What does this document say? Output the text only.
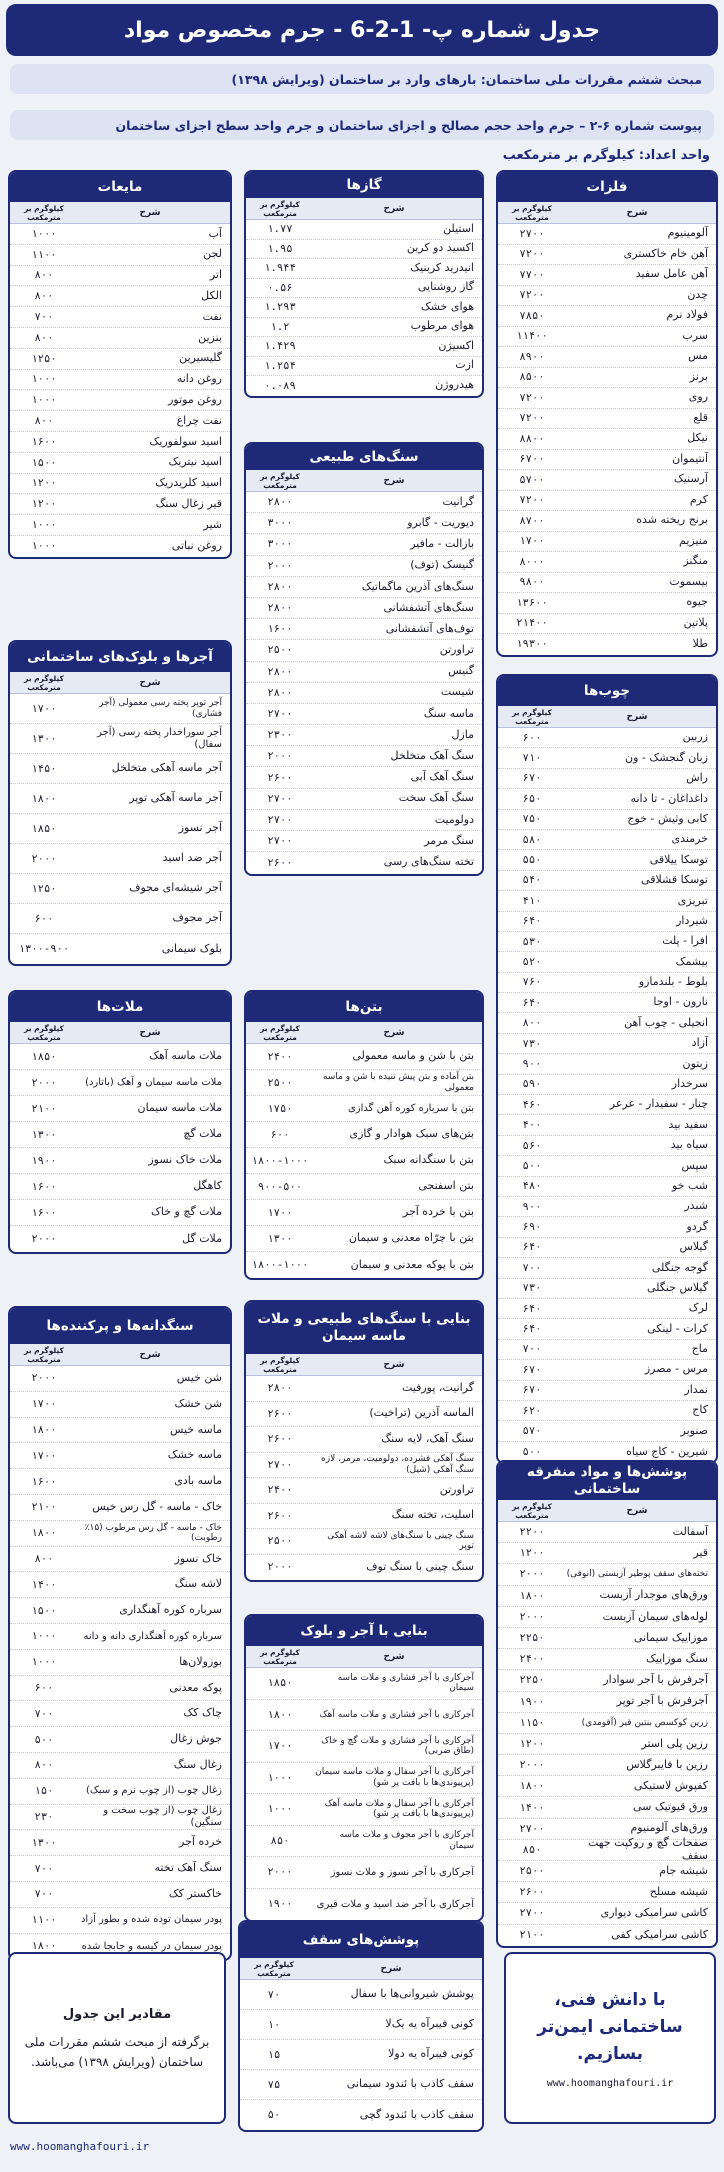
جدول شماره پ- 1-2-6 - جرم مخصوص مواد
مبحث ششم مقررات ملی ساختمان: بارهای وارد بر ساختمان (ویرایش ۱۳۹۸)
پیوست شماره ۶-۲ – جرم واحد حجم مصالح و اجزای ساختمان و جرم واحد سطح اجزای ساختمان
واحد اعداد: کیلوگرم بر مترمکعب
فلزات
شرح
کیلوگرم بر مترمکعب
آلومینیوم
۲۷۰۰
آهن خام خاکستری
۷۲۰۰
آهن عامل سفید
۷۷۰۰
چدن
۷۲۰۰
فولاد نرم
۷۸۵۰
سرب
۱۱۴۰۰
مس
۸۹۰۰
برنز
۸۵۰۰
روی
۷۲۰۰
قلع
۷۲۰۰
نیکل
۸۸۰۰
آنتیموان
۶۷۰۰
آرسنیک
۵۷۰۰
کرم
۷۲۰۰
برنج ریخته شده
۸۷۰۰
منیزیم
۱۷۰۰
منگنز
۸۰۰۰
بیسموت
۹۸۰۰
جیوه
۱۳۶۰۰
پلاتین
۲۱۴۰۰
طلا
۱۹۳۰۰
چوب‌ها
شرح
کیلوگرم بر مترمکعب
زربین
۶۰۰
زبان گنجشک - ون
۷۱۰
راش
۶۷۰
داغداغان - تا دانه
۶۵۰
کابی وثیش - خوج
۷۵۰
خرمندی
۵۸۰
توسکا ییلاقی
۵۵۰
توسکا قشلاقی
۵۴۰
تبریزی
۴۱۰
شیردار
۶۴۰
افرا - پلت
۵۳۰
بیشمک
۵۲۰
بلوط - بلندمازو
۷۶۰
نارون - اوجا
۶۴۰
انجیلی - چوب آهن
۸۰۰
آزاد
۷۳۰
زبتون
۹۰۰
سرخدار
۵۹۰
چنار - سفیدار - عرعر
۴۶۰
سفید بید
۴۰۰
سیاه بید
۵۶۰
سپس
۵۰۰
شب خو
۴۸۰
شبدر
۹۰۰
گردو
۶۹۰
گیلاس
۶۴۰
گوجه جنگلی
۷۰۰
گیلاس جنگلی
۷۳۰
لرک
۶۴۰
کرات - لینکی
۶۴۰
ماج
۷۰۰
مرس - مصرز
۶۷۰
نمدار
۶۷۰
کاج
۶۲۰
صنوبر
۵۷۰
شیرین - کاج سیاه
۵۰۰
پوشش‌ها و مواد منفرقه ساختمانی
شرح
کیلوگرم بر مترمکعب
آسفالت
۲۲۰۰
قیر
۱۲۰۰
تخته‌های سقف پوطیر آزبستی (انوفی)
۲۰۰۰
ورق‌های موجدار آزبست
۱۸۰۰
لوله‌های سیمان آزبست
۲۰۰۰
موزاییک سیمانی
۲۲۵۰
سنگ موزاییک
۲۴۰۰
آجرفرش با آجر سوادار
۲۲۵۰
آجرفرش با آجر توپر
۱۹۰۰
زرین کوکسص بنتین قیر (آقومدی)
۱۱۵۰
رزین پلی استر
۱۲۰۰
رزین با فایبرگلاس
۲۰۰۰
کفپوش لاستیکی
۱۸۰۰
ورق قیوتیک سی
۱۴۰۰
ورق‌های آلومنیوم
۲۷۰۰
صفحات گچ و روکپت جهت سقف
۸۵۰
شیشه جام
۲۵۰۰
شیشه مسلح
۲۶۰۰
کاشی سرامیکی دیواری
۲۷۰۰
کاشی سرامیکی کفی
۲۱۰۰
گازها
شرح
کیلوگرم بر مترمکعب
استیلن
۱.۷۷
اکسید دو کربن
۱.۹۵
انیدرید کربنیک
۱.۹۴۴
گاز روشنایی
۰.۵۶
هوای خشک
۱.۲۹۳
هوای مرطوب
۱.۲
اکسیژن
۱.۴۲۹
ازت
۱.۲۵۴
هیدروژن
۰.۰۸۹
سنگ‌های طبیعی
شرح
کیلوگرم بر مترمکعب
گرانیت
۲۸۰۰
دیوریت - گابرو
۳۰۰۰
بازالت - مافیر
۳۰۰۰
گنیسک (توف)
۲۰۰۰
سنگ‌های آذرین ماگماتیک
۲۸۰۰
سنگ‌های آتشفشانی
۲۸۰۰
توف‌های آتشفشانی
۱۶۰۰
تراورتن
۲۵۰۰
گنیس
۲۸۰۰
شیست
۲۸۰۰
ماسه سنگ
۲۷۰۰
مازل
۲۳۰۰
سنگ آهک متخلخل
۲۰۰۰
سنگ آهک آبی
۲۶۰۰
سنگ آهک سخت
۲۷۰۰
دولومیت
۲۷۰۰
سنگ مرمر
۲۷۰۰
تخته سنگ‌های رسی
۲۶۰۰
بتن‌ها
شرح
کیلوگرم بر مترمکعب
بتن با شن و ماسه معمولی
۲۴۰۰
بتن آماده و بتن پیش تنیده با شن و ماسه معمولی
۲۵۰۰
بتن با سرباره کوره آهن گدازی
۱۷۵۰
بتن‌های سبک هوادار و گازی
۶۰۰
بتن با سنگدانه سبک
۱۸۰۰-۱۰۰۰
بتن اسفنجی
۹۰۰-۵۰۰
بتن با خرده آجر
۱۷۰۰
بتن با چرّاه معدنی و سیمان
۱۳۰۰
بتن با پوکه معدنی و سیمان
۱۸۰۰-۱۰۰۰
بنایی با سنگ‌های طبیعی و ملات ماسه سیمان
شرح
کیلوگرم بر مترمکعب
گرانیت، پورفیت
۲۸۰۰
الماسه آذرین (تراخیت)
۲۶۰۰
سنگ آهک، لایه سنگ
۲۶۰۰
سنگ آهکی فشرده، دولومیت، مرمر، لازه سنگ آهکی (شیل)
۲۷۰۰
تراورتن
۲۴۰۰
اسلیت، تخته سنگ
۲۶۰۰
سنگ چینی با سنگ‌های لاشه لاشه آهکی توپر
۲۵۰۰
سنگ چینی با سنگ توف
۲۰۰۰
بنایی با آجر و بلوک
شرح
کیلوگرم بر مترمکعب
آجرکاری با آجر فشاری و ملات ماسه سیمان
۱۸۵۰
آجرکاری با آجر فشاری و ملات ماسه آهک
۱۸۰۰
آجرکاری با آجر فشاری و ملات گچ و خاک (طاق ضربی)
۱۷۰۰
آجرکاری با آجر سفال و ملات ماسه سیمان (پرپیوندی‌ها با بافت پر شو)
۱۰۰۰
آجرکاری با آجر سفال و ملات ماسه آهک (پرپیوندی‌ها با بافت پر شو)
۱۰۰۰
آجرکاری با آجر مجوف و ملات ماسه سیمان
۸۵۰
آجرکاری با آجر نسوز و ملات نسوز
۲۰۰۰
آجرکاری با آجر ضد اسید و ملات قیری
۱۹۰۰
مایعات
شرح
کیلوگرم بر مترمکعب
آب
۱۰۰۰
لجن
۱۱۰۰
اتر
۸۰۰
الکل
۸۰۰
نفت
۷۰۰
بنزین
۸۰۰
گلیسیرین
۱۲۵۰
روغن دانه
۱۰۰۰
روغن موتور
۱۰۰۰
نفت چراغ
۸۰۰
اسید سولفوریک
۱۶۰۰
اسید نیتریک
۱۵۰۰
اسید کلریدریک
۱۲۰۰
قیر زغال سنگ
۱۲۰۰
شیر
۱۰۰۰
روغن نباتی
۱۰۰۰
آجرها و بلوک‌های ساختمانی
شرح
کیلوگرم بر مترمکعب
آجر توپر پخته رسی معمولی (آجر فشاری)
۱۷۰۰
آجر سوراخدار پخته رسی (آجر سفال)
۱۳۰۰
آجر ماسه آهکی متخلخل
۱۴۵۰
آجر ماسه آهکی توپر
۱۸۰۰
آجر نسوز
۱۸۵۰
آجر ضد اسید
۲۰۰۰
آجر شیشه‌ای مجوف
۱۲۵۰
آجر مجوف
۶۰۰
بلوک سیمانی
۱۳۰۰-۹۰۰
ملات‌ها
شرح
کیلوگرم بر مترمکعب
ملات ماسه آهک
۱۸۵۰
ملات ماسه سیمان و آهک (باتارد)
۲۰۰۰
ملات ماسه سیمان
۲۱۰۰
ملات گچ
۱۳۰۰
ملات خاک نسوز
۱۹۰۰
کاهگل
۱۶۰۰
ملات گچ و خاک
۱۶۰۰
ملات گل
۲۰۰۰
سنگدانه‌ها و پرکننده‌ها
شرح
کیلوگرم بر مترمکعب
شن خیس
۲۰۰۰
شن خشک
۱۷۰۰
ماسه خیس
۱۸۰۰
ماسه خشک
۱۷۰۰
ماسه بادی
۱۶۰۰
خاک - ماسه - گل رس خیس
۲۱۰۰
خاک - ماسه - گل رس مرطوب (۱۵٪ رطوبت)
۱۸۰۰
خاک نسوز
۸۰۰
لاشه سنگ
۱۴۰۰
سرباره کوره آهنگداری
۱۵۰۰
سرباره کوره آهنگداری دانه و دانه
۱۰۰۰
بوزولان‌ها
۱۰۰۰
پوکه معدنی
۶۰۰
چاک کک
۷۰۰
جوش زغال
۵۰۰
زغال سنگ
۸۰۰
زغال چوب (از چوب نرم و سبک)
۱۵۰
زغال چوب (از چوب سخت و سنگین)
۲۳۰
خرده آجر
۱۳۰۰
سنگ آهک تخته
۷۰۰
خاکستر کک
۷۰۰
پودر سیمان توده شده و بطور آزاد
۱۱۰۰
پودر سیمان در کیسه و جابجا شده
۱۸۰۰	پوشش‌های سقف
شرح
کیلوگرم بر مترمکعب
پوشش شیروانی‌ها با سفال
۷۰
کونی فیبرآه یه یک‌لا
۱۰
کونی فیبرآه یه دولا
۱۵
سقف کاذب با ئندود سیمانی
۷۵
سقف کاذب با ئندود گچی
۵۰
مقادیر این جدول
برگرفته از مبحث ششم مقررات ملی ساختمان (ویرایش ۱۳۹۸) می‌باشد.
با دانش فنی،
ساختمانی ایمن‌تر
بسازیم.
www.hoomanghafouri.ir
www.hoomanghafouri.ir
